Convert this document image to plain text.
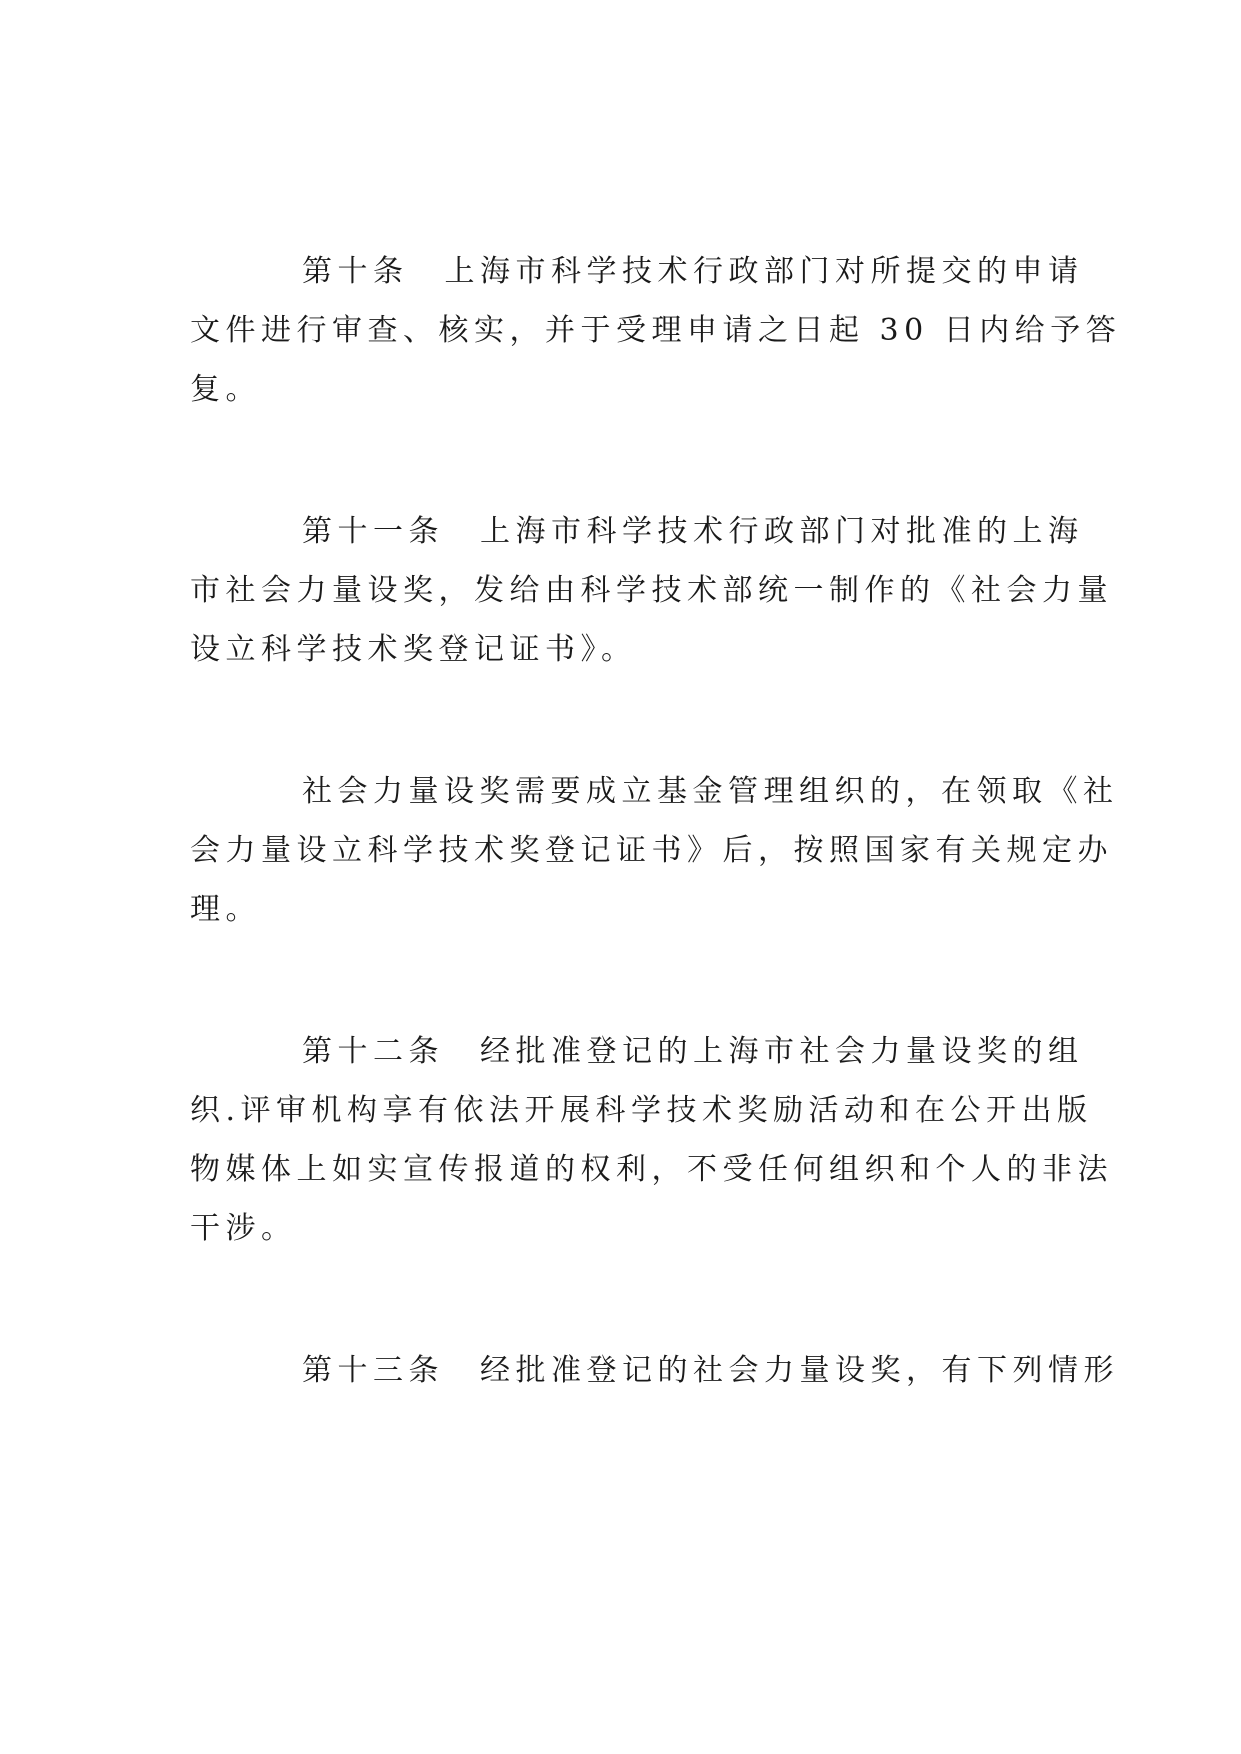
第十条 上海市科学技术行政部门对所提交的申请
文件进行审查、核实，并于受理申请之日起 30 日内给予答
复。
第十一条 上海市科学技术行政部门对批准的上海
市社会力量设奖，发给由科学技术部统一制作的《社会力量
设立科学技术奖登记证书》。
社会力量设奖需要成立基金管理组织的，在领取《社
会力量设立科学技术奖登记证书》后，按照国家有关规定办
理。
第十二条 经批准登记的上海市社会力量设奖的组
织.评审机构享有依法开展科学技术奖励活动和在公开出版
物媒体上如实宣传报道的权利，不受任何组织和个人的非法
干涉。
第十三条 经批准登记的社会力量设奖，有下列情形
